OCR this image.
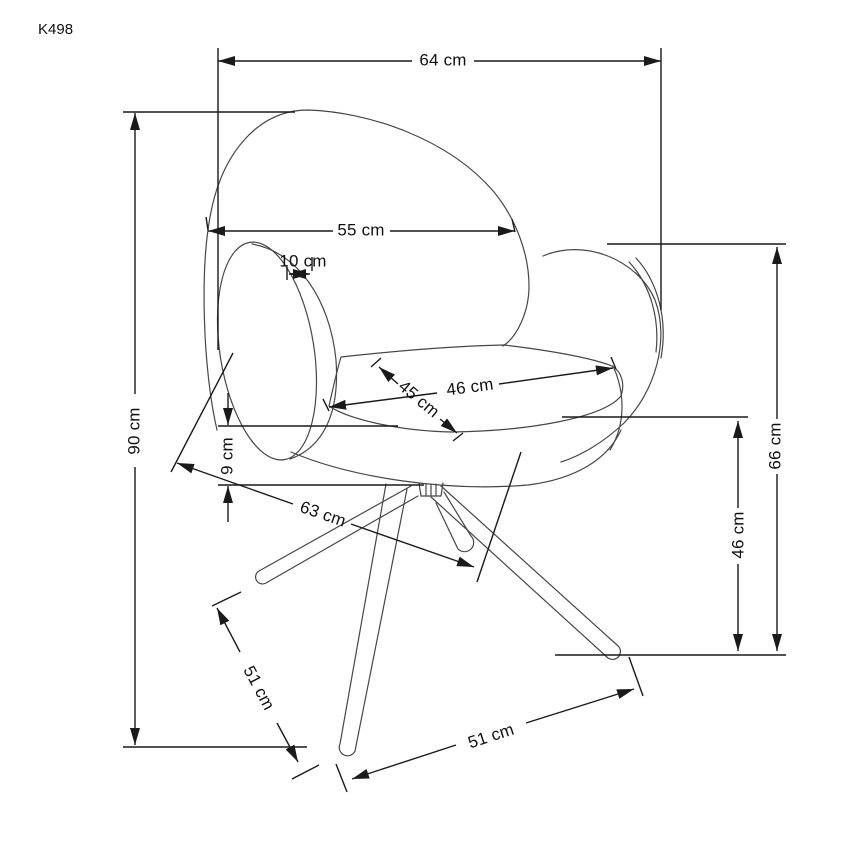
K498
64 cm
55 cm
10 cm
90 cm
46 cm
45 cm
9 cm
63 cm
66 cm
46 cm
51 cm
51 cm
